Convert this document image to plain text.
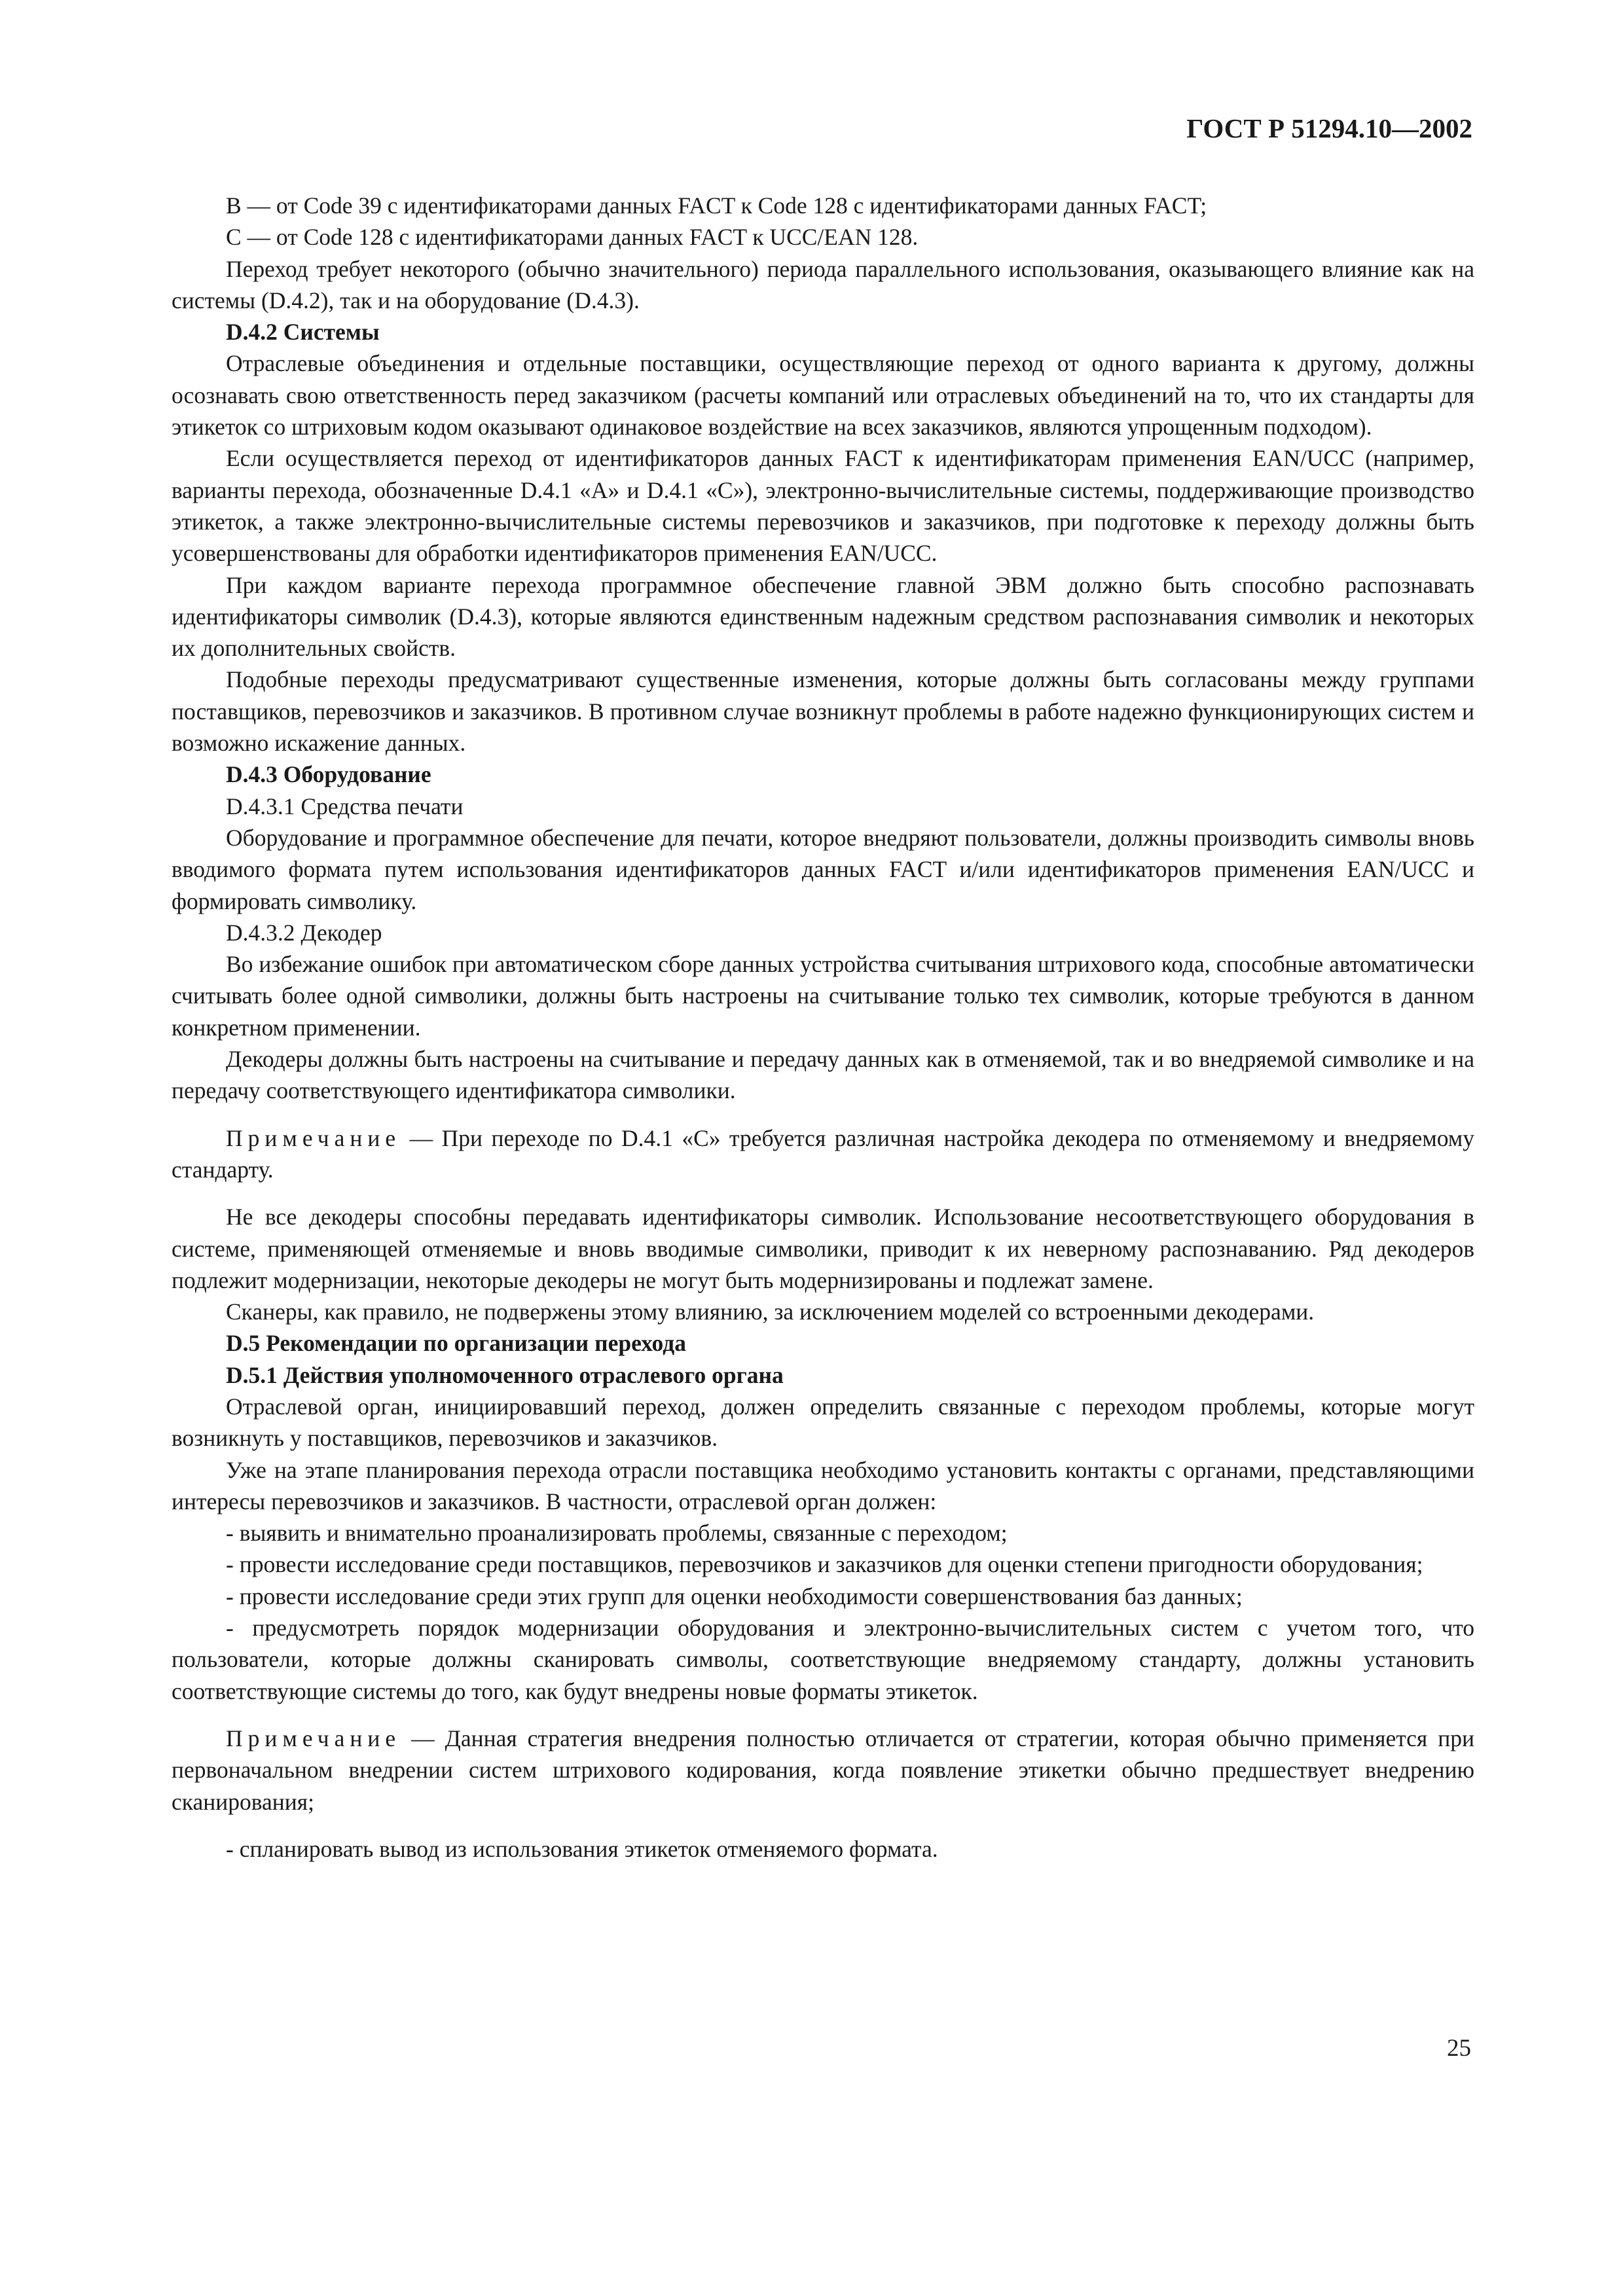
ГОСТ Р 51294.10—2002

B — от Code 39 с идентификаторами данных FACT к Code 128 с идентификаторами данных FACT;

C — от Code 128 с идентификаторами данных FACT к UCC/EAN 128.

Переход требует некоторого (обычно значительного) периода параллельного использования, оказывающего влияние как на системы (D.4.2), так и на оборудование (D.4.3).

D.4.2 Системы

Отраслевые объединения и отдельные поставщики, осуществляющие переход от одного варианта к другому, должны осознавать свою ответственность перед заказчиком (расчеты компаний или отраслевых объединений на то, что их стандарты для этикеток со штриховым кодом оказывают одинаковое воздействие на всех заказчиков, являются упрощенным подходом).

Если осуществляется переход от идентификаторов данных FACT к идентификаторам применения EAN/UCC (например, варианты перехода, обозначенные D.4.1 «A» и D.4.1 «C»), электронно-вычислительные системы, поддерживающие производство этикеток, а также электронно-вычислительные системы перевозчиков и заказчиков, при подготовке к переходу должны быть усовершенствованы для обработки идентификаторов применения EAN/UCC.

При каждом варианте перехода программное обеспечение главной ЭВМ должно быть способно распознавать идентификаторы символик (D.4.3), которые являются единственным надежным средством распознавания символик и некоторых их дополнительных свойств.

Подобные переходы предусматривают существенные изменения, которые должны быть согласованы между группами поставщиков, перевозчиков и заказчиков. В противном случае возникнут проблемы в работе надежно функционирующих систем и возможно искажение данных.

D.4.3 Оборудование

D.4.3.1 Средства печати

Оборудование и программное обеспечение для печати, которое внедряют пользователи, должны производить символы вновь вводимого формата путем использования идентификаторов данных FACT и/или идентификаторов применения EAN/UCC и формировать символику.

D.4.3.2 Декодер

Во избежание ошибок при автоматическом сборе данных устройства считывания штрихового кода, способные автоматически считывать более одной символики, должны быть настроены на считывание только тех символик, которые требуются в данном конкретном применении.

Декодеры должны быть настроены на считывание и передачу данных как в отменяемой, так и во внедряемой символике и на передачу соответствующего идентификатора символики.

Примечание — При переходе по D.4.1 «C» требуется различная настройка декодера по отменяемому и внедряемому стандарту.

Не все декодеры способны передавать идентификаторы символик. Использование несоответствующего оборудования в системе, применяющей отменяемые и вновь вводимые символики, приводит к их неверному распознаванию. Ряд декодеров подлежит модернизации, некоторые декодеры не могут быть модернизированы и подлежат замене.

Сканеры, как правило, не подвержены этому влиянию, за исключением моделей со встроенными декодерами.

D.5 Рекомендации по организации перехода

D.5.1 Действия уполномоченного отраслевого органа

Отраслевой орган, инициировавший переход, должен определить связанные с переходом проблемы, которые могут возникнуть у поставщиков, перевозчиков и заказчиков.

Уже на этапе планирования перехода отрасли поставщика необходимо установить контакты с органами, представляющими интересы перевозчиков и заказчиков. В частности, отраслевой орган должен:

- выявить и внимательно проанализировать проблемы, связанные с переходом;

- провести исследование среди поставщиков, перевозчиков и заказчиков для оценки степени пригодности оборудования;

- провести исследование среди этих групп для оценки необходимости совершенствования баз данных;

- предусмотреть порядок модернизации оборудования и электронно-вычислительных систем с учетом того, что пользователи, которые должны сканировать символы, соответствующие внедряемому стандарту, должны установить соответствующие системы до того, как будут внедрены новые форматы этикеток.

Примечание — Данная стратегия внедрения полностью отличается от стратегии, которая обычно применяется при первоначальном внедрении систем штрихового кодирования, когда появление этикетки обычно предшествует внедрению сканирования;

- спланировать вывод из использования этикеток отменяемого формата.

25
